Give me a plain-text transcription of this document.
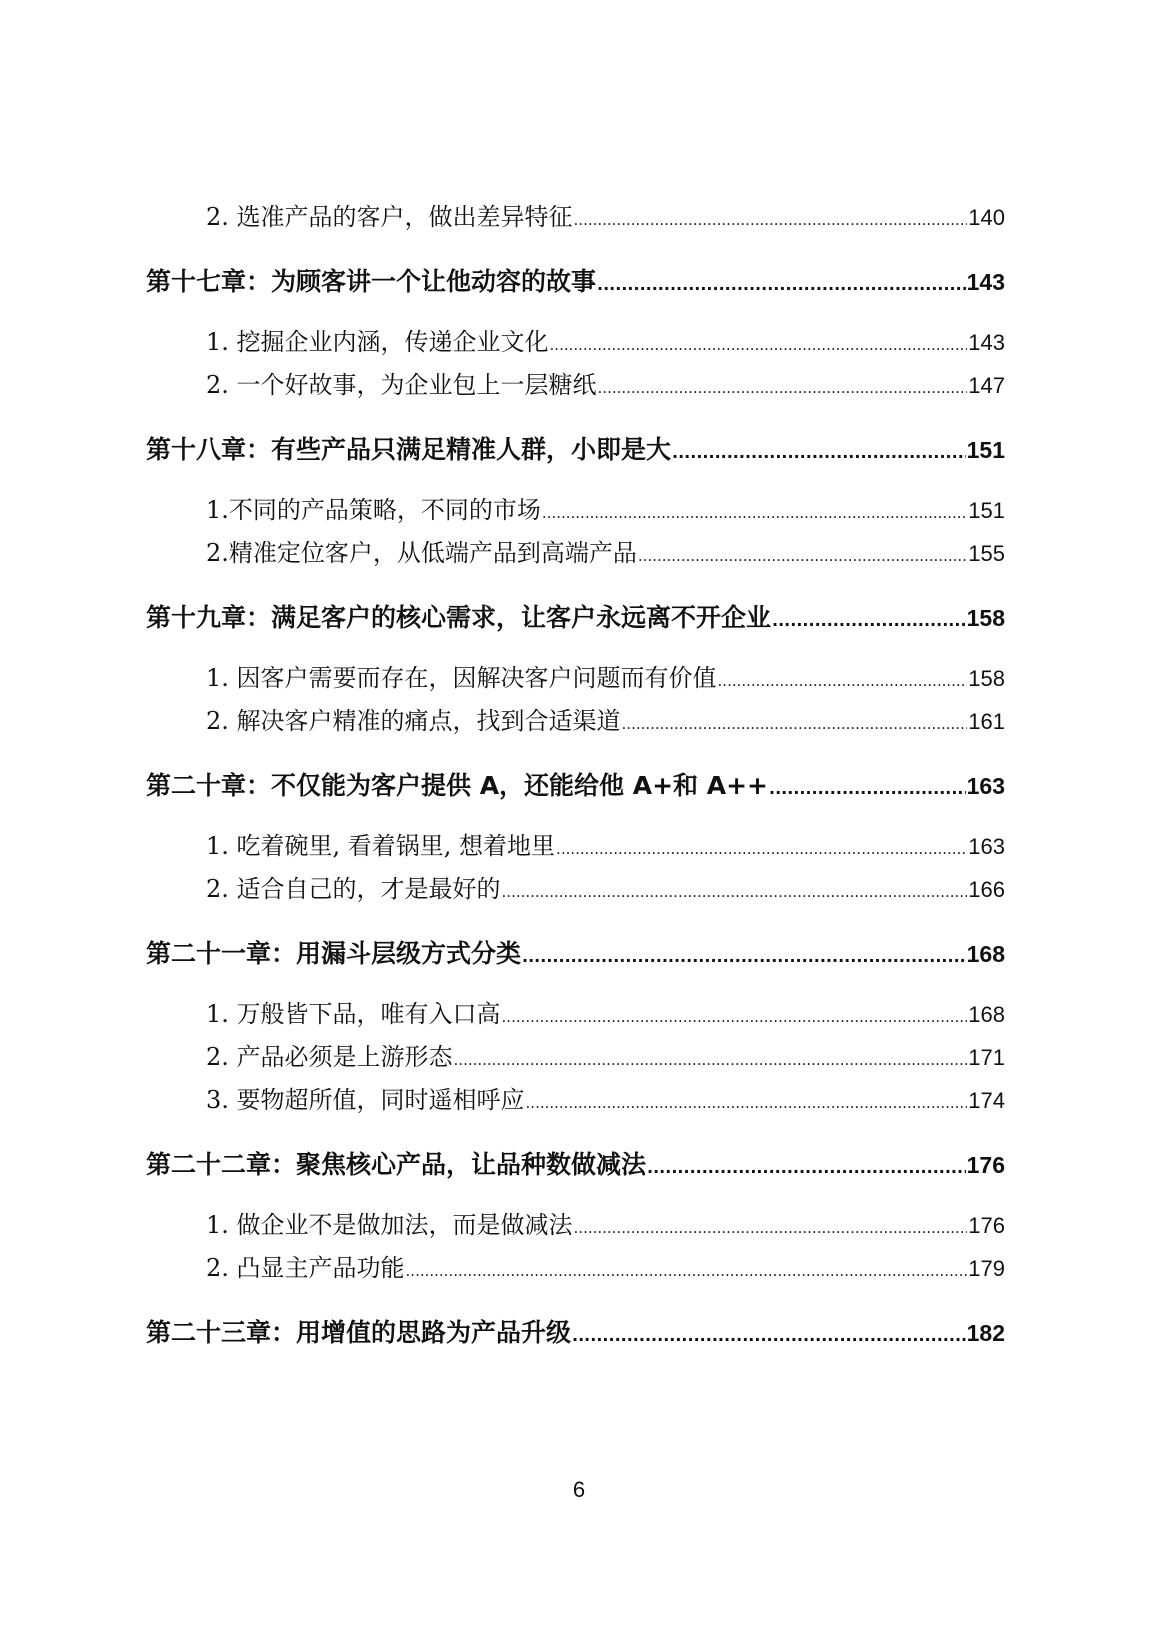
2. 选准产品的客户，做出差异特征 .....	140
第十七章：为顾客讲一个让他动容的故事 .....	143
1. 挖掘企业内涵，传递企业文化 .....	143
2. 一个好故事，为企业包上一层糖纸 .....	147
第十八章：有些产品只满足精准人群，小即是大 .....	151
1.不同的产品策略，不同的市场 .....	151
2.精准定位客户，从低端产品到高端产品 .....	155
第十九章：满足客户的核心需求，让客户永远离不开企业 .....	158
1. 因客户需要而存在，因解决客户问题而有价值 .....	158
2. 解决客户精准的痛点，找到合适渠道 .....	161
第二十章：不仅能为客户提供 A，还能给他 A+和 A++ .....	163
1. 吃着碗里, 看着锅里, 想着地里 .....	163
2. 适合自己的，才是最好的 .....	166
第二十一章：用漏斗层级方式分类 .....	168
1. 万般皆下品，唯有入口高 .....	168
2. 产品必须是上游形态 .....	171
3. 要物超所值，同时遥相呼应 .....	174
第二十二章：聚焦核心产品，让品种数做减法 .....	176
1. 做企业不是做加法，而是做减法 .....	176
2. 凸显主产品功能 .....	179
第二十三章：用增值的思路为产品升级 .....	182
6
